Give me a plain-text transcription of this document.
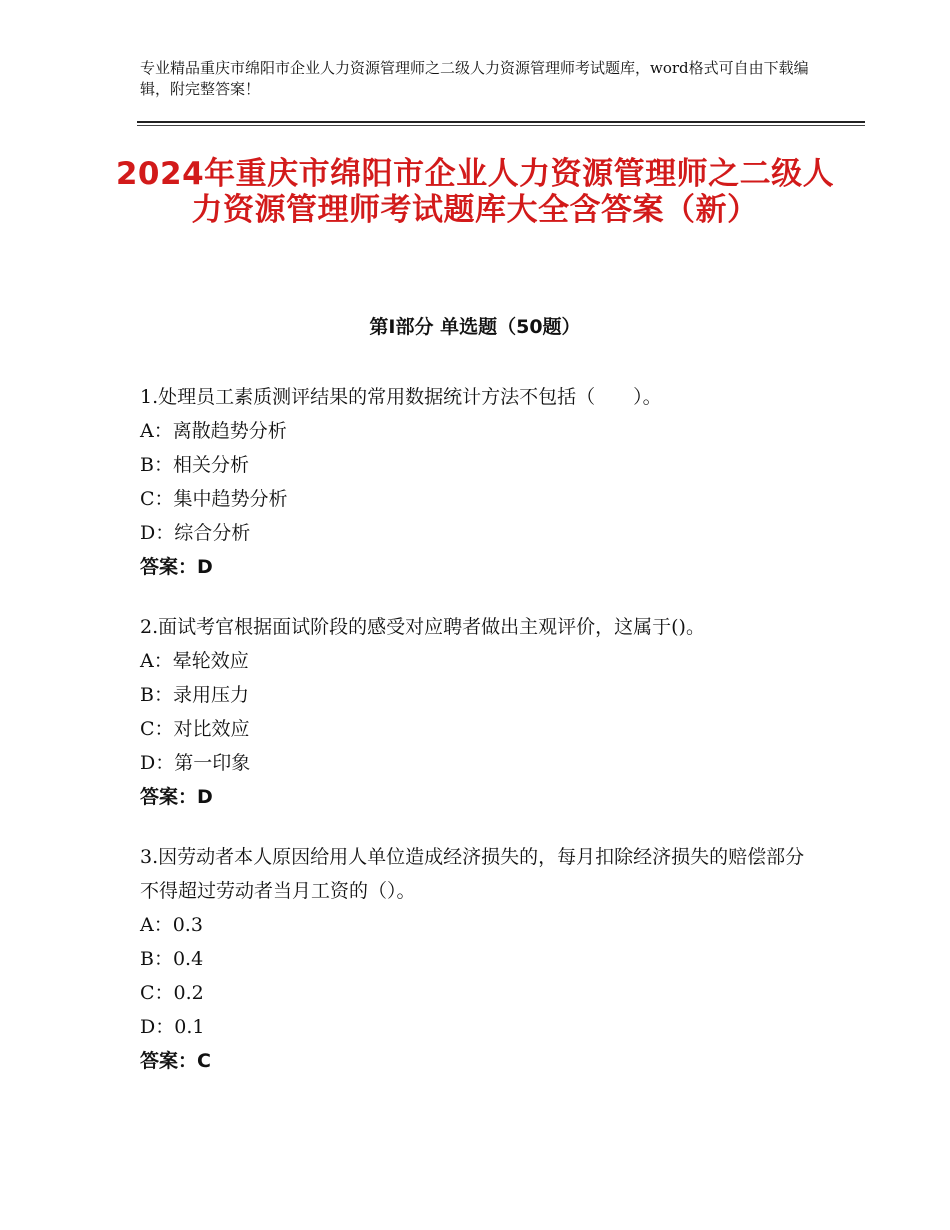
专业精品重庆市绵阳市企业人力资源管理师之二级人力资源管理师考试题库，word格式可自由下载编辑，附完整答案！
2024年重庆市绵阳市企业人力资源管理师之二级人力资源管理师考试题库大全含答案（新）
第Ⅰ部分 单选题（50题）
1.处理员工素质测评结果的常用数据统计方法不包括（　　）。
A：离散趋势分析
B：相关分析
C：集中趋势分析
D：综合分析
答案：D
2.面试考官根据面试阶段的感受对应聘者做出主观评价，这属于()。
A：晕轮效应
B：录用压力
C：对比效应
D：第一印象
答案：D
3.因劳动者本人原因给用人单位造成经济损失的，每月扣除经济损失的赔偿部分不得超过劳动者当月工资的（）。
A：0.3
B：0.4
C：0.2
D：0.1
答案：C
